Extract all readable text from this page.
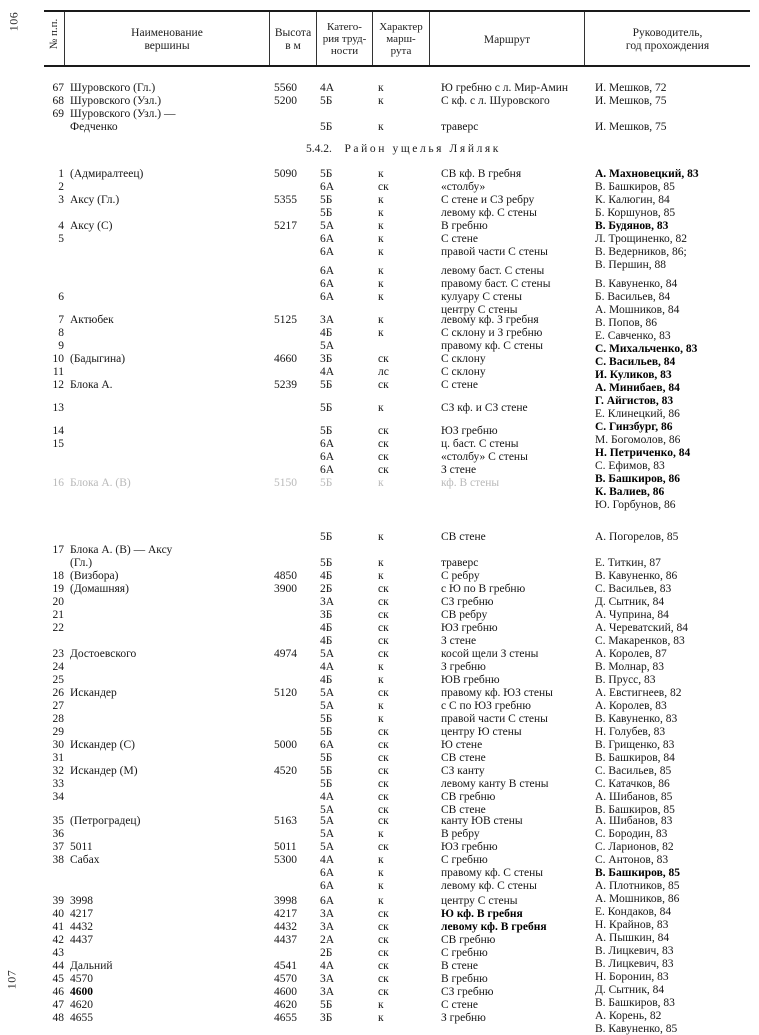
106
107
№ п.п.	Наименование
вершины
Высота
в м
Катего-
рия труд-
ности
Характер
марш-
рута
Маршрут
Руководитель,
год прохождения
67
68
69
Шуровского (Гл.)
Шуровского (Узл.)
Шуровского (Узл.) —
Федченко
5560
5200
4А
5Б
5Б
к
к
к
Ю гребню с л. Мир-Амин
С кф. с л. Шуровского
траверс
И. Мешков, 72
И. Мешков, 75
И. Мешков, 75
5.4.2. Район ущелья Ляйляк
1
2
3
4
5
6
7
8
9
10
11
12
13
14
15
16
(Адмиралтеец)
Аксу (Гл.)
Аксу (С)
Актюбек
(Бадыгина)
Блока А.
Блока А. (В)
5090
5355
5217
5125
4660
5239
5150
5Б
6А
5Б
5Б
5А
6А
6А
6А
6А
6А
3А
4Б
5А
3Б
4А
5Б
5Б
5Б
6А
6А
6А
5Б
к
ск
к
к
к
к
к
к
к
к
к
к
ск
лс
ск
к
ск
ск
ск
ск
к
СВ кф. В гребня
«столбу»
С стене и СЗ ребру
левому кф. С стены
В гребню
С стене
правой части С стены
левому баст. С стены
правому баст. С стены
кулуару С стены
центру С стены
левому кф. З гребня
С склону и З гребню
правому кф. С стены
С склону
С склону
С стене
СЗ кф. и СЗ стене
ЮЗ гребню
ц. баст. С стены
«столбу» С стены
З стене
кф. В стены
А. Махновецкий, 83
В. Башкиров, 85
К. Калюгин, 84
Б. Коршунов, 85
В. Будянов, 83
Л. Трощиненко, 82
В. Ведерников, 86;
В. Першин, 88
В. Кавуненко, 84
Б. Васильев, 84
А. Мошников, 84
В. Попов, 86
Е. Савченко, 83
С. Михальченко, 83
С. Васильев, 84
И. Куликов, 83
А. Минибаев, 84
Г. Айгистов, 83
Е. Клинецкий, 86
С. Гинзбург, 86
М. Богомолов, 86
Н. Петриченко, 84
С. Ефимов, 83
В. Башкиров, 86
К. Валиев, 86
Ю. Горбунов, 86
17
18
19
20
21
22
23
24
25
26
27
28
29
30
31
32
33
34
35
36
37
38
39
40
41
42
43
44
45
46
47
48
Блока А. (В) — Аксу
(Гл.)
(Визбора)
(Домашняя)
Достоевского
Искандер
Искандер (С)
Искандер (М)
(Петроградец)
5011
Сабах
3998
4217
4432
4437
Дальний
4570
4600
4620
4655
4850
3900
4974
5120
5000
4520
5163
5011
5300
3998
4217
4432
4437
4541
4570
4600
4620
4655
5Б
5Б
4Б
2Б
3А
3Б
4Б
4Б
5А
4А
4Б
5А
5А
5Б
5Б
6А
5Б
5Б
5Б
4А
5А
5А
5А
5А
4А
6А
6А
6А
3А
3А
2А
2Б
4А
3А
3А
5Б
3Б
к
к
к
ск
ск
ск
ск
ск
ск
к
к
ск
к
к
ск
ск
ск
ск
ск
ск
ск
ск
к
ск
к
к
к
к
ск
ск
ск
ск
ск
ск
ск
к
к
СВ стене
траверс
С ребру
с Ю по В гребню
СЗ гребню
СВ ребру
ЮЗ гребню
З стене
косой щели З стены
З гребню
ЮВ гребню
правому кф. ЮЗ стены
с С по ЮЗ гребню
правой части С стены
центру Ю стены
Ю стене
СВ стене
СЗ канту
левому канту В стены
СВ гребню
СВ стене
канту ЮВ стены
В ребру
ЮЗ гребню
С гребню
правому кф. С стены
левому кф. С стены
центру С стены
Ю кф. В гребня
левому кф. В гребня
СВ гребню
С гребню
В стене
В гребню
СЗ гребню
С стене
З гребню
А. Погорелов, 85
Е. Титкин, 87
В. Кавуненко, 86
С. Васильев, 83
Д. Сытник, 84
А. Чуприна, 84
А. Череватский, 84
С. Макаренков, 83
А. Королев, 87
В. Молнар, 83
В. Прусс, 83
А. Евстигнеев, 82
А. Королев, 83
В. Кавуненко, 83
Н. Голубев, 83
В. Грищенко, 83
В. Башкиров, 84
С. Васильев, 85
С. Катачков, 86
А. Шибанов, 85
В. Башкиров, 85
А. Шибанов, 83
С. Бородин, 83
С. Ларионов, 82
С. Антонов, 83
В. Башкиров, 85
А. Плотников, 85
А. Мошников, 86
Е. Кондаков, 84
Н. Крайнов, 83
А. Пышкин, 84
В. Лицкевич, 83
В. Лицкевич, 83
Н. Боронин, 83
Д. Сытник, 84
В. Башкиров, 83
А. Корень, 82
В. Кавуненко, 85
